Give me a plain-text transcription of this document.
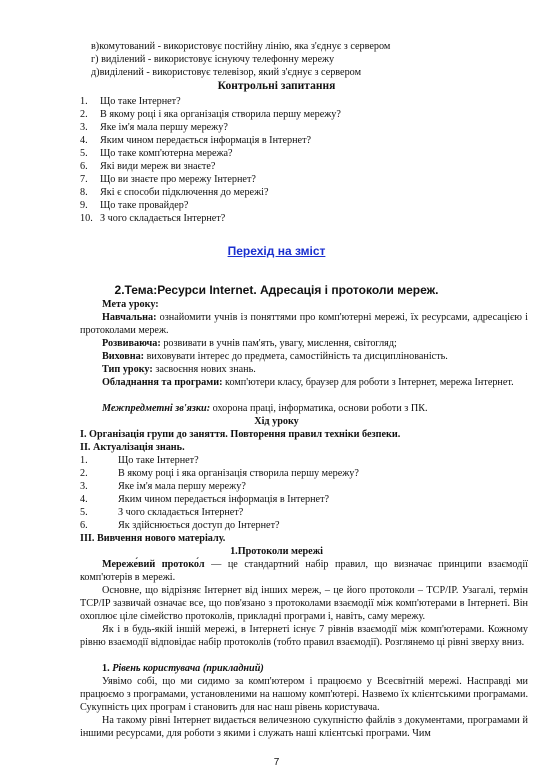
в)комутований - використовує постійну лінію, яка з'єднує з сервером
г) виділений - використовує існуючу телефонну мережу
д)виділений - використовує телевізор, який з'єднує з сервером
Контрольні запитання
1. Що таке Інтернет?
2. В якому році і яка організація створила першу мережу?
3. Яке ім'я мала першу мережу?
4. Яким чином передається інформація в Інтернет?
5. Що таке комп'ютерна мережа?
6. Які види мереж ви знаєте?
7. Що ви знаєте про мережу Інтернет?
8. Які є способи підключення до мережі?
9. Що таке провайдер?
10. З чого складається Інтернет?
Перехід на зміст
2.Тема:Ресурси Internet. Адресація і протоколи мереж.
Мета уроку:
Навчальна: ознайомити учнів із поняттями про комп'ютерні мережі, їх ресурсами, адресацією і протоколами мереж.
Розвиваюча: розвивати в учнів пам'ять, увагу, мислення, світогляд;
Виховна: виховувати інтерес до предмета, самостійність та дисциплінованість.
Тип уроку: засвоєння нових знань.
Обладнання та програми: комп'ютери класу, браузер для роботи з Інтернет, мережа Інтернет.
Межпредметні зв'язки: охорона праці, інформатика, основи роботи з ПК.
Хід уроку
I. Організація групи до заняття. Повторення правил техніки безпеки.
II. Актуалізація знань.
1.	Що таке Інтернет?
2.	В якому році і яка організація створила першу мережу?
3.	Яке ім'я мала першу мережу?
4.	Яким чином передається інформація в Інтернет?
5.	З чого складається Інтернет?
6.	Як здійснюється доступ до Інтернет?
III. Вивчення нового матеріалу.
1.Протоколи мережі
Мереже́вий протоко́л — це стандартний набір правил, що визначає принципи взаємодії комп'ютерів в мережі.
Основне, що відрізняє Інтернет від інших мереж, – це його протоколи – TCP/IP. Узагалі, термін TCP/IP зазвичай означає все, що пов'язано з протоколами взаємодії між комп'ютерами в Інтернеті. Він охоплює ціле сімейство протоколів, прикладні програми і, навіть, саму мережу.
Як і в будь-якій іншій мережі, в Інтернеті існує 7 рівнів взаємодії між комп'ютерами. Кожному рівню взаємодії відповідає набір протоколів (тобто правил взаємодії). Розглянемо ці рівні зверху вниз.
1. Рівень користувача (прикладний)
Уявімо собі, що ми сидимо за комп'ютером і працюємо у Всесвітній мережі. Насправді ми працюємо з програмами, установленими на нашому комп'ютері. Назвемо їх клієнтськими програмами. Сукупність цих програм і становить для нас наш рівень користувача.
На такому рівні Інтернет видається величезною сукупністю файлів з документами, програмами й іншими ресурсами, для роботи з якими і служать наші клієнтські програми. Чим
7
